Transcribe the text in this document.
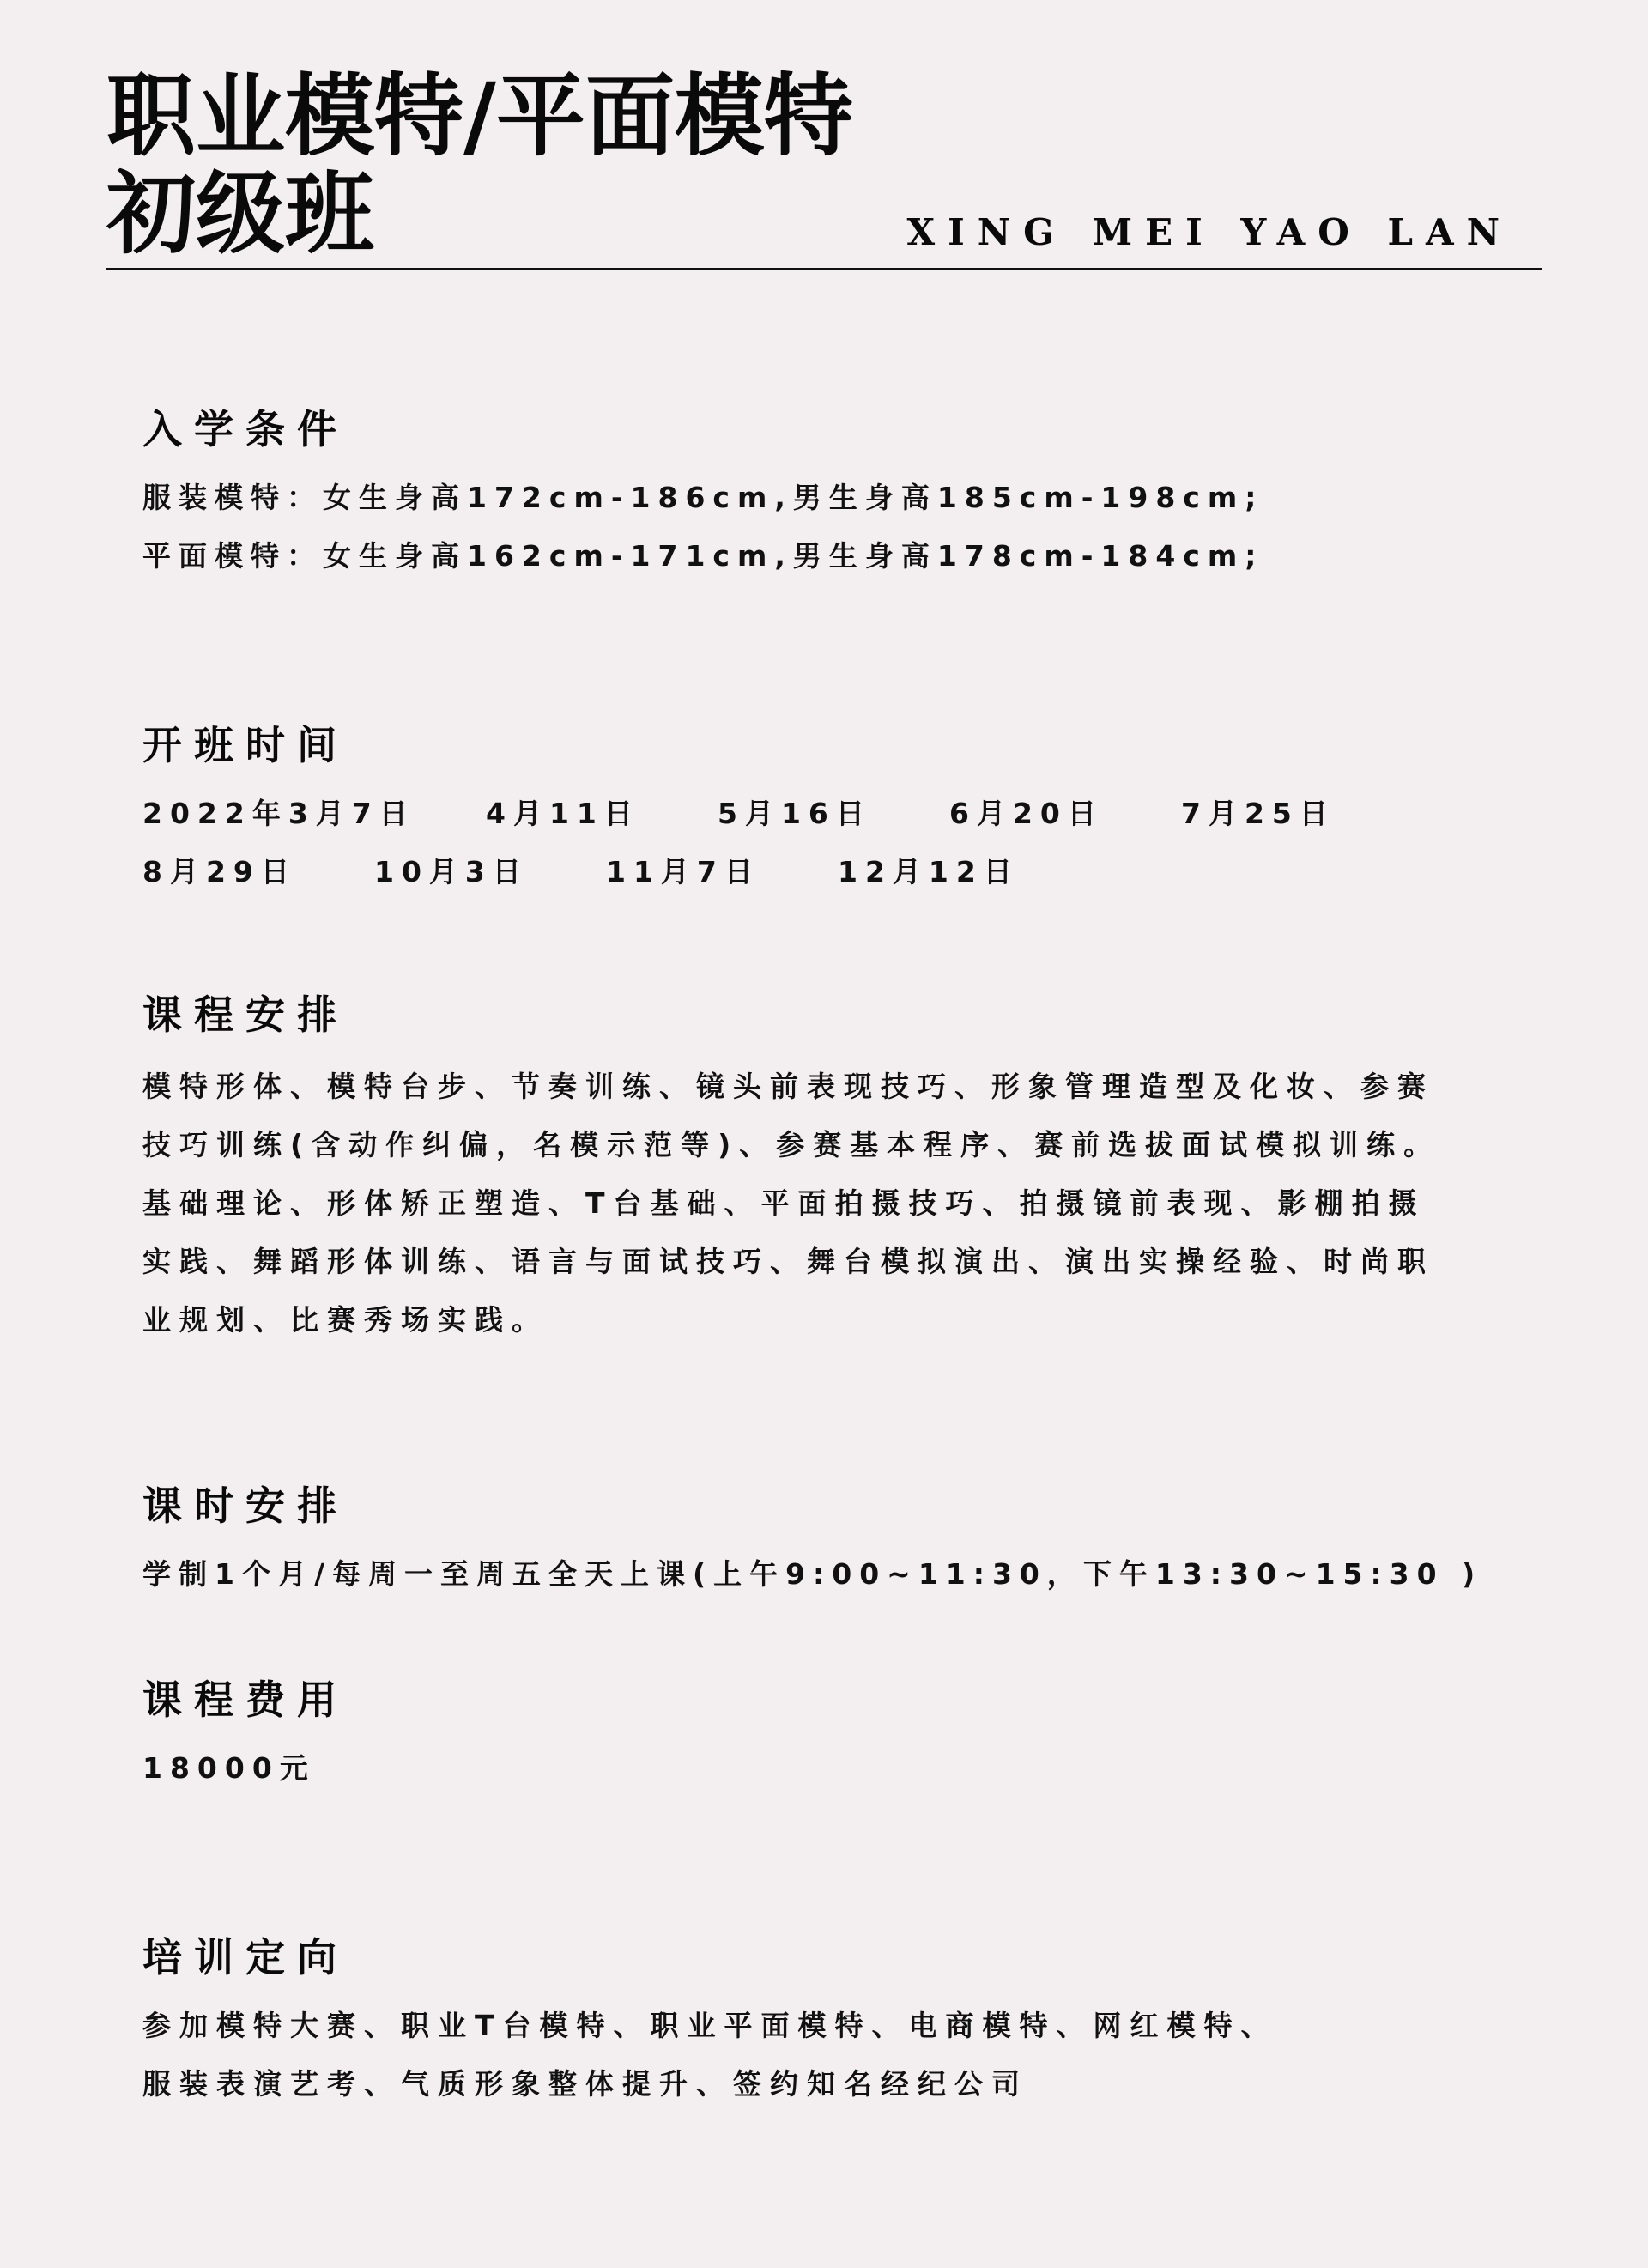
职业模特/平面模特
初级班	XING MEI YAO LAN
入学条件

服装模特：女生身高172cm-186cm,男生身高185cm-198cm;

平面模特：女生身高162cm-171cm,男生身高178cm-184cm;

开班时间
2022年3月7日	4月11日	5月16日	6月20日	7月25日
8月29日	10月3日	11月7日	12月12日
课程安排
模特形体、模特台步、节奏训练、镜头前表现技巧、形象管理造型及化妆、参赛
技巧训练(含动作纠偏，名模示范等)、参赛基本程序、赛前选拔面试模拟训练。
基础理论、形体矫正塑造、T台基础、平面拍摄技巧、拍摄镜前表现、影棚拍摄
实践、舞蹈形体训练、语言与面试技巧、舞台模拟演出、演出实操经验、时尚职
业规划、比赛秀场实践。
课时安排

学制1个月/每周一至周五全天上课(上午9:00~11:30，下午13:30~15:30 )

课程费用

18000元

培训定向
参加模特大赛、职业T台模特、职业平面模特、电商模特、网红模特、
服装表演艺考、气质形象整体提升、签约知名经纪公司
